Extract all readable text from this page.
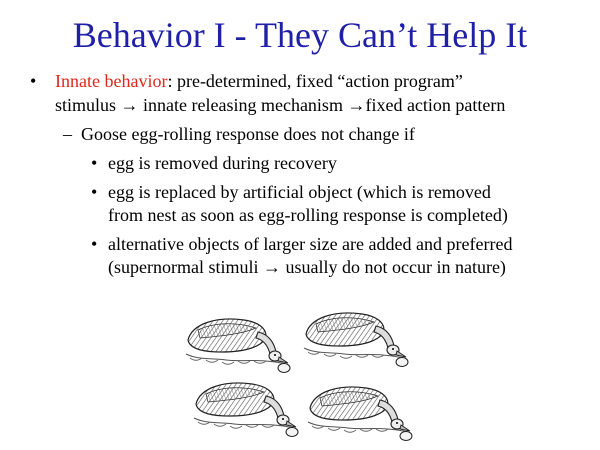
Behavior I - They Can’t Help It
• Innate behavior: pre-determined, fixed “action program”
stimulus → innate releasing mechanism →fixed action pattern
– Goose egg-rolling response does not change if
• egg is removed during recovery
• egg is replaced by artificial object (which is removed
from nest as soon as egg-rolling response is completed)
• alternative objects of larger size are added and preferred
(supernormal stimuli → usually do not occur in nature)
